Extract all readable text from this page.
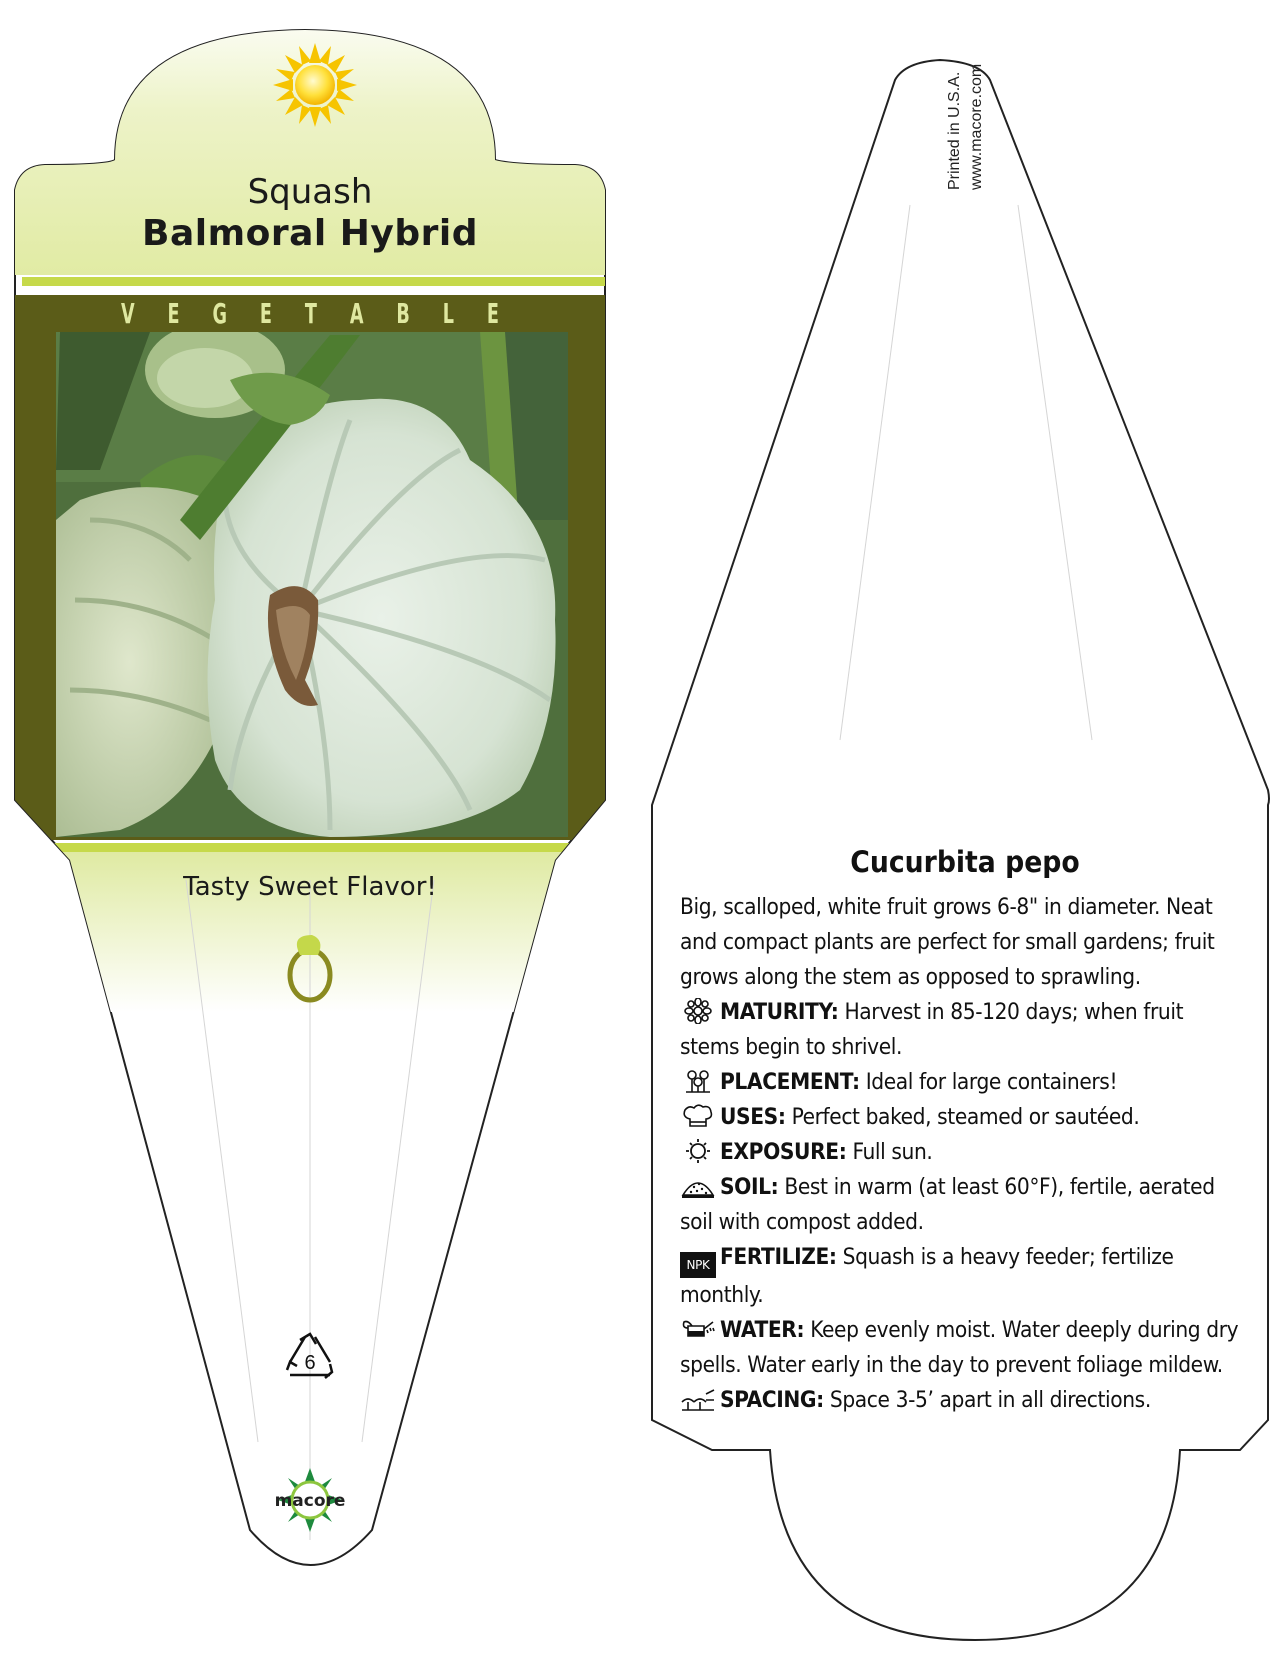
Squash
Balmoral Hybrid
V E G E T A B L E
Tasty Sweet Flavor!
6
macore
Printed in U.S.A. www.macore.com
Cucurbita pepo

Big, scalloped, white fruit grows 6-8" in diameter. Neat and compact plants are perfect for small gardens; fruit grows along the stem as opposed to sprawling.

MATURITY: Harvest in 85-120 days; when fruit stems begin to shrivel.
PLACEMENT: Ideal for large containers!
USES: Perfect baked, steamed or sautéed.
EXPOSURE: Full sun.
SOIL: Best in warm (at least 60°F), fertile, aerated soil with compost added.
NPK FERTILIZE: Squash is a heavy feeder; fertilize monthly.
WATER: Keep evenly moist. Water deeply during dry spells. Water early in the day to prevent foliage mildew.
SPACING: Space 3-5’ apart in all directions.
